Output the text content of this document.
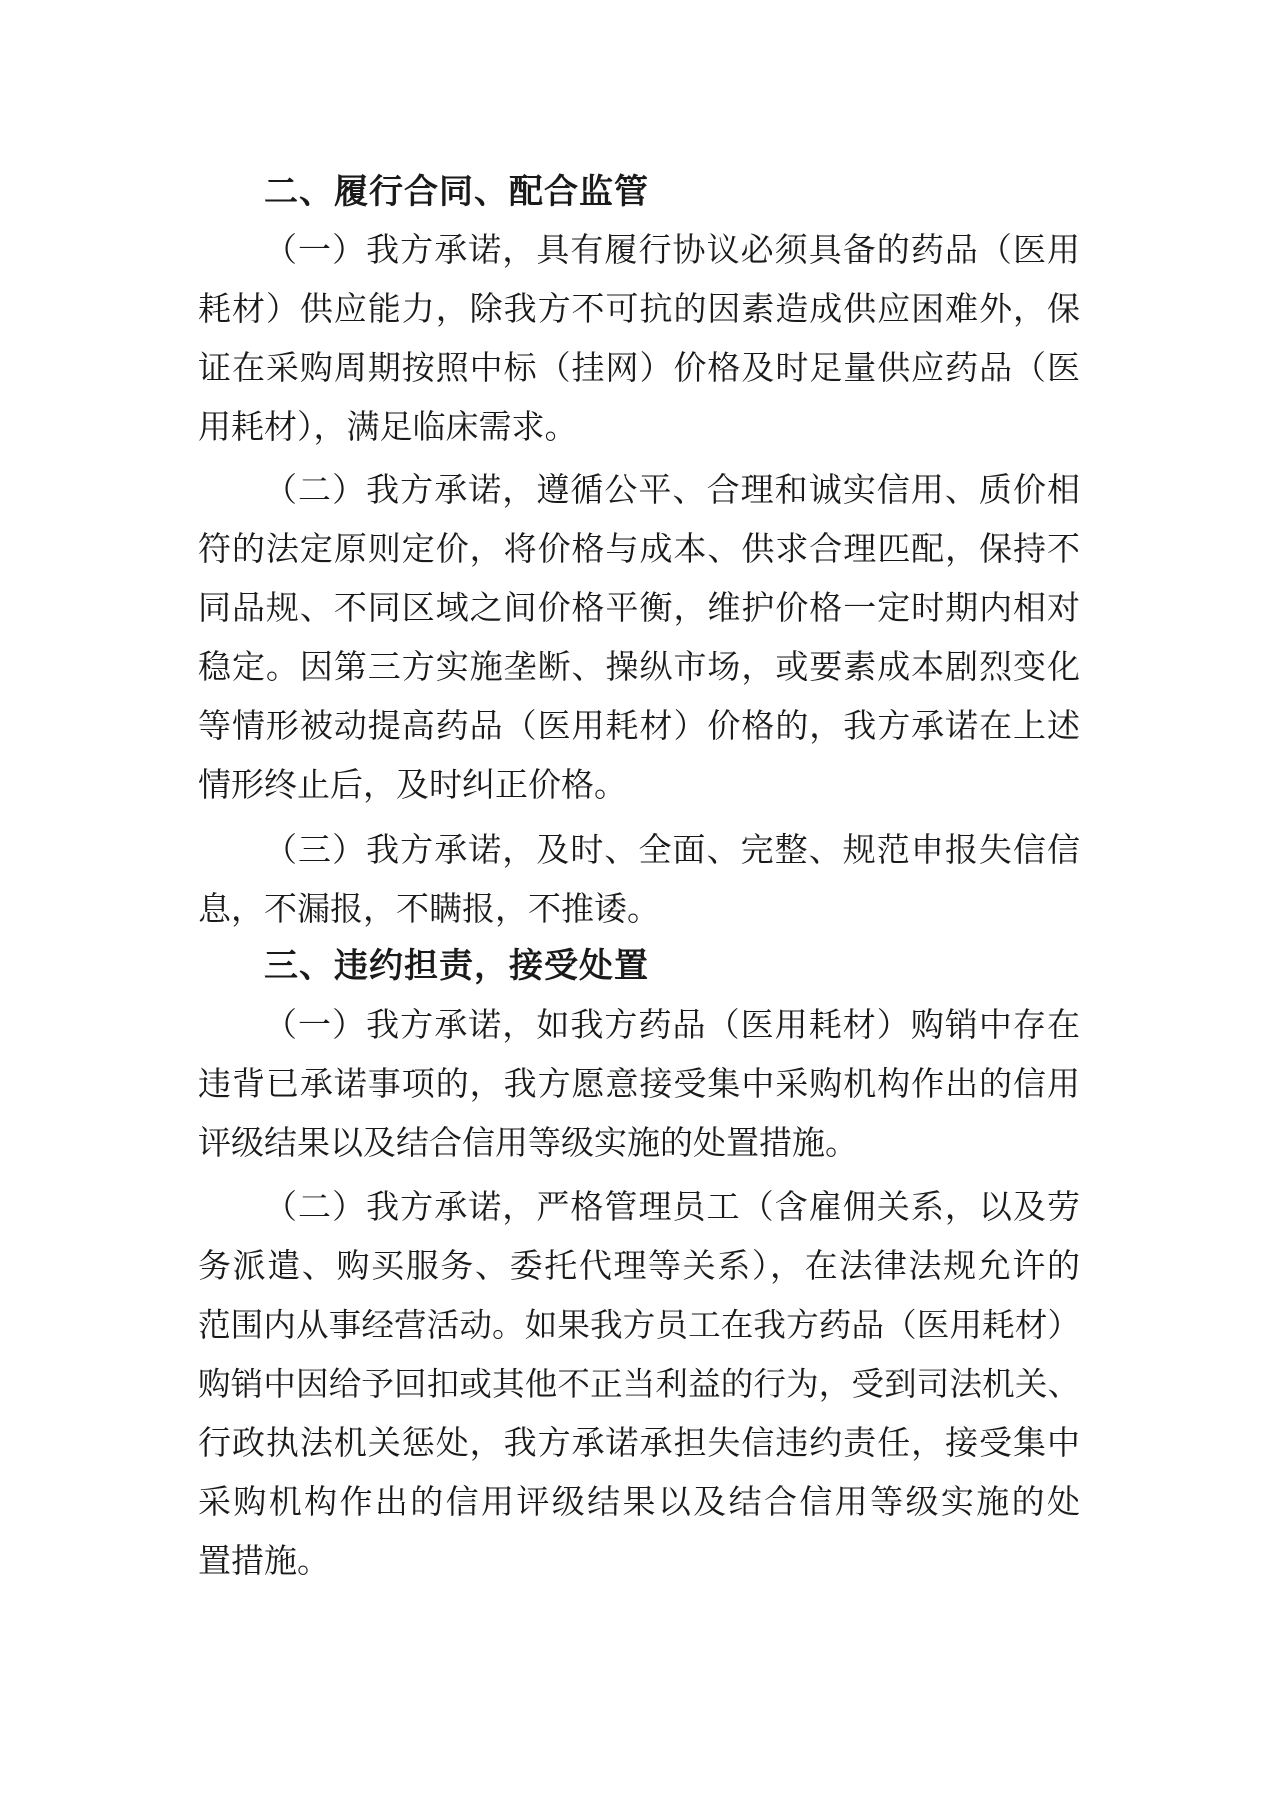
二、履行合同、配合监管
（一）我方承诺，具有履行协议必须具备的药品（医用
耗材）供应能力，除我方不可抗的因素造成供应困难外，保
证在采购周期按照中标（挂网）价格及时足量供应药品（医
用耗材），满足临床需求。
（二）我方承诺，遵循公平、合理和诚实信用、质价相
符的法定原则定价，将价格与成本、供求合理匹配，保持不
同品规、不同区域之间价格平衡，维护价格一定时期内相对
稳定。因第三方实施垄断、操纵市场，或要素成本剧烈变化
等情形被动提高药品（医用耗材）价格的，我方承诺在上述
情形终止后，及时纠正价格。
（三）我方承诺，及时、全面、完整、规范申报失信信
息，不漏报，不瞒报，不推诿。
三、违约担责，接受处置
（一）我方承诺，如我方药品（医用耗材）购销中存在
违背已承诺事项的，我方愿意接受集中采购机构作出的信用
评级结果以及结合信用等级实施的处置措施。
（二）我方承诺，严格管理员工（含雇佣关系，以及劳
务派遣、购买服务、委托代理等关系），在法律法规允许的
范围内从事经营活动。如果我方员工在我方药品（医用耗材）
购销中因给予回扣或其他不正当利益的行为，受到司法机关、
行政执法机关惩处，我方承诺承担失信违约责任，接受集中
采购机构作出的信用评级结果以及结合信用等级实施的处
置措施。
